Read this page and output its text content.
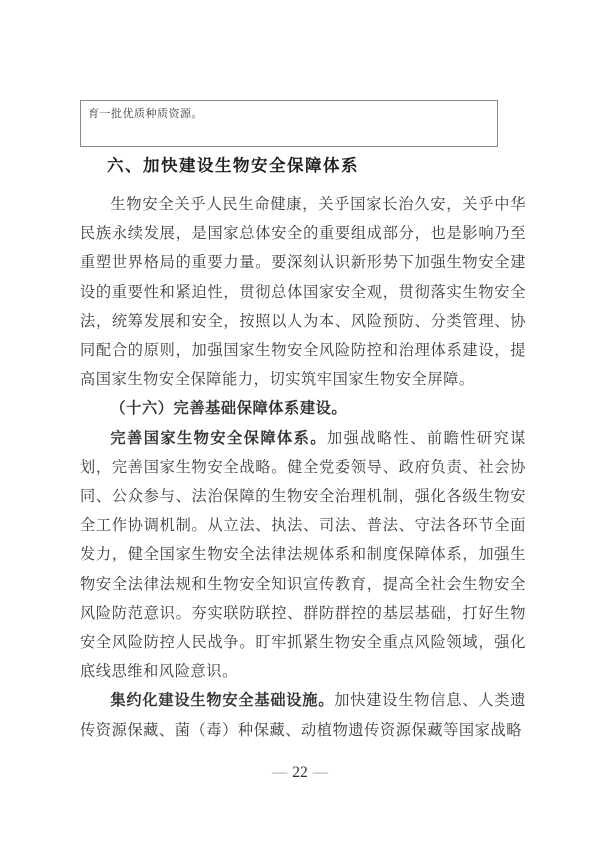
育一批优质种质资源。
六、加快建设生物安全保障体系

生物安全关乎人民生命健康，关乎国家长治久安，关乎中华民族永续发展，是国家总体安全的重要组成部分，也是影响乃至重塑世界格局的重要力量。要深刻认识新形势下加强生物安全建设的重要性和紧迫性，贯彻总体国家安全观，贯彻落实生物安全法，统筹发展和安全，按照以人为本、风险预防、分类管理、协同配合的原则，加强国家生物安全风险防控和治理体系建设，提高国家生物安全保障能力，切实筑牢国家生物安全屏障。

（十六）完善基础保障体系建设。

完善国家生物安全保障体系。加强战略性、前瞻性研究谋划，完善国家生物安全战略。健全党委领导、政府负责、社会协同、公众参与、法治保障的生物安全治理机制，强化各级生物安全工作协调机制。从立法、执法、司法、普法、守法各环节全面发力，健全国家生物安全法律法规体系和制度保障体系，加强生物安全法律法规和生物安全知识宣传教育，提高全社会生物安全风险防范意识。夯实联防联控、群防群控的基层基础，打好生物安全风险防控人民战争。盯牢抓紧生物安全重点风险领域，强化底线思维和风险意识。

集约化建设生物安全基础设施。加快建设生物信息、人类遗传资源保藏、菌（毒）种保藏、动植物遗传资源保藏等国家战略

— 22 —
